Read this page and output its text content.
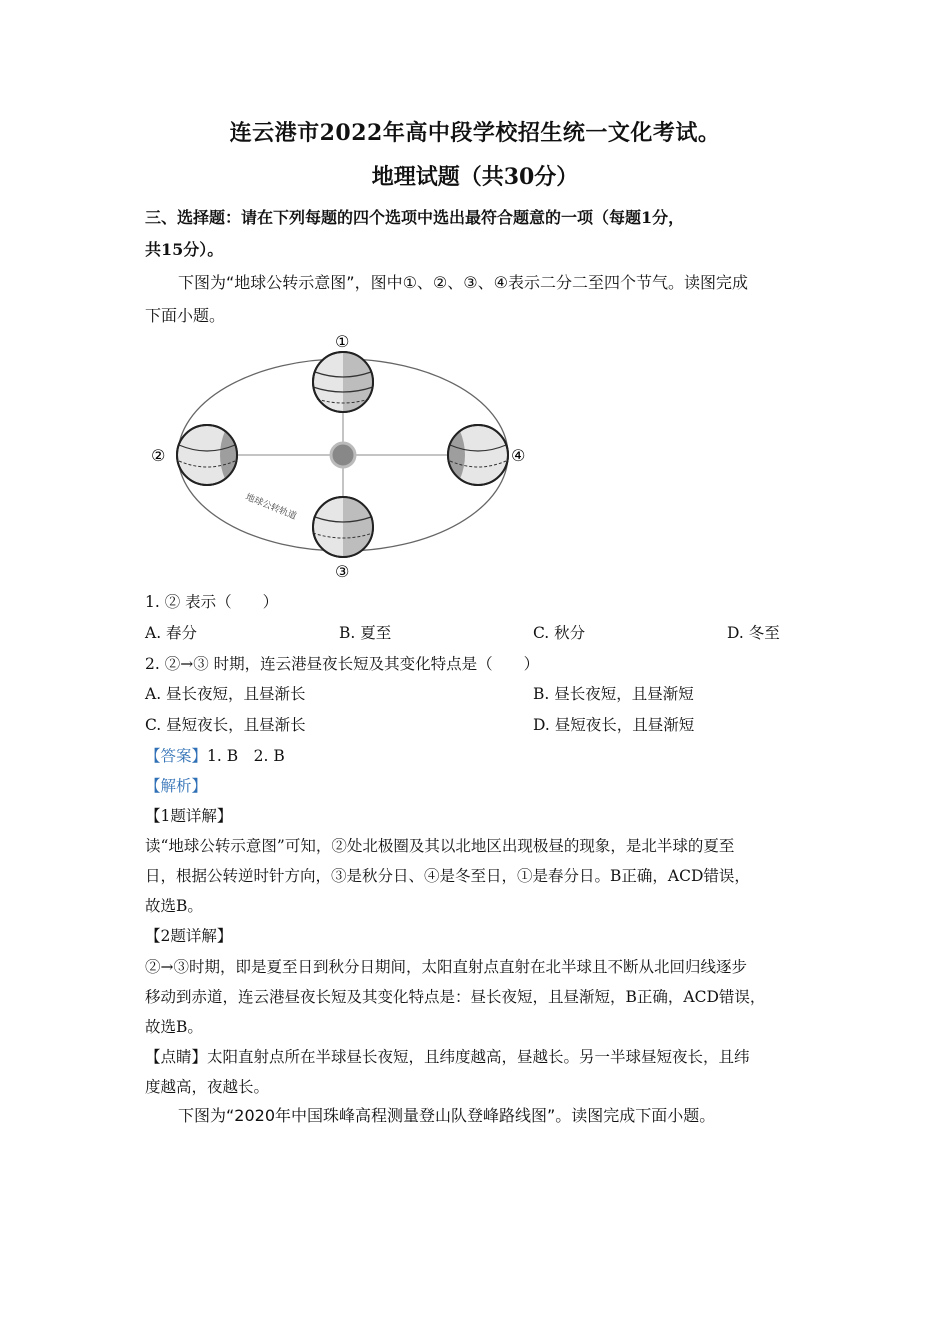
连云港市2022年高中段学校招生统一文化考试。
地理试题（共30分）
三、选择题：请在下列每题的四个选项中选出最符合题意的一项（每题1分，
共15分）。
下图为“地球公转示意图”，图中①、②、③、④表示二分二至四个节气。读图完成
下面小题。
①
②	④
③
地球公转轨道
1. ② 表示（　　）
A. 春分	B. 夏至	C. 秋分	D. 冬至
2. ②→③ 时期，连云港昼夜长短及其变化特点是（　　）
A. 昼长夜短，且昼渐长	B. 昼长夜短，且昼渐短
C. 昼短夜长，且昼渐长	D. 昼短夜长，且昼渐短
【答案】1. B　2. B
【解析】
【1题详解】
读“地球公转示意图”可知，②处北极圈及其以北地区出现极昼的现象，是北半球的夏至
日，根据公转逆时针方向，③是秋分日、④是冬至日，①是春分日。B正确，ACD错误，
故选B。
【2题详解】
②→③时期，即是夏至日到秋分日期间，太阳直射点直射在北半球且不断从北回归线逐步
移动到赤道，连云港昼夜长短及其变化特点是：昼长夜短，且昼渐短，B正确，ACD错误，
故选B。
【点睛】太阳直射点所在半球昼长夜短，且纬度越高，昼越长。另一半球昼短夜长，且纬
度越高，夜越长。
下图为“2020年中国珠峰高程测量登山队登峰路线图”。读图完成下面小题。
